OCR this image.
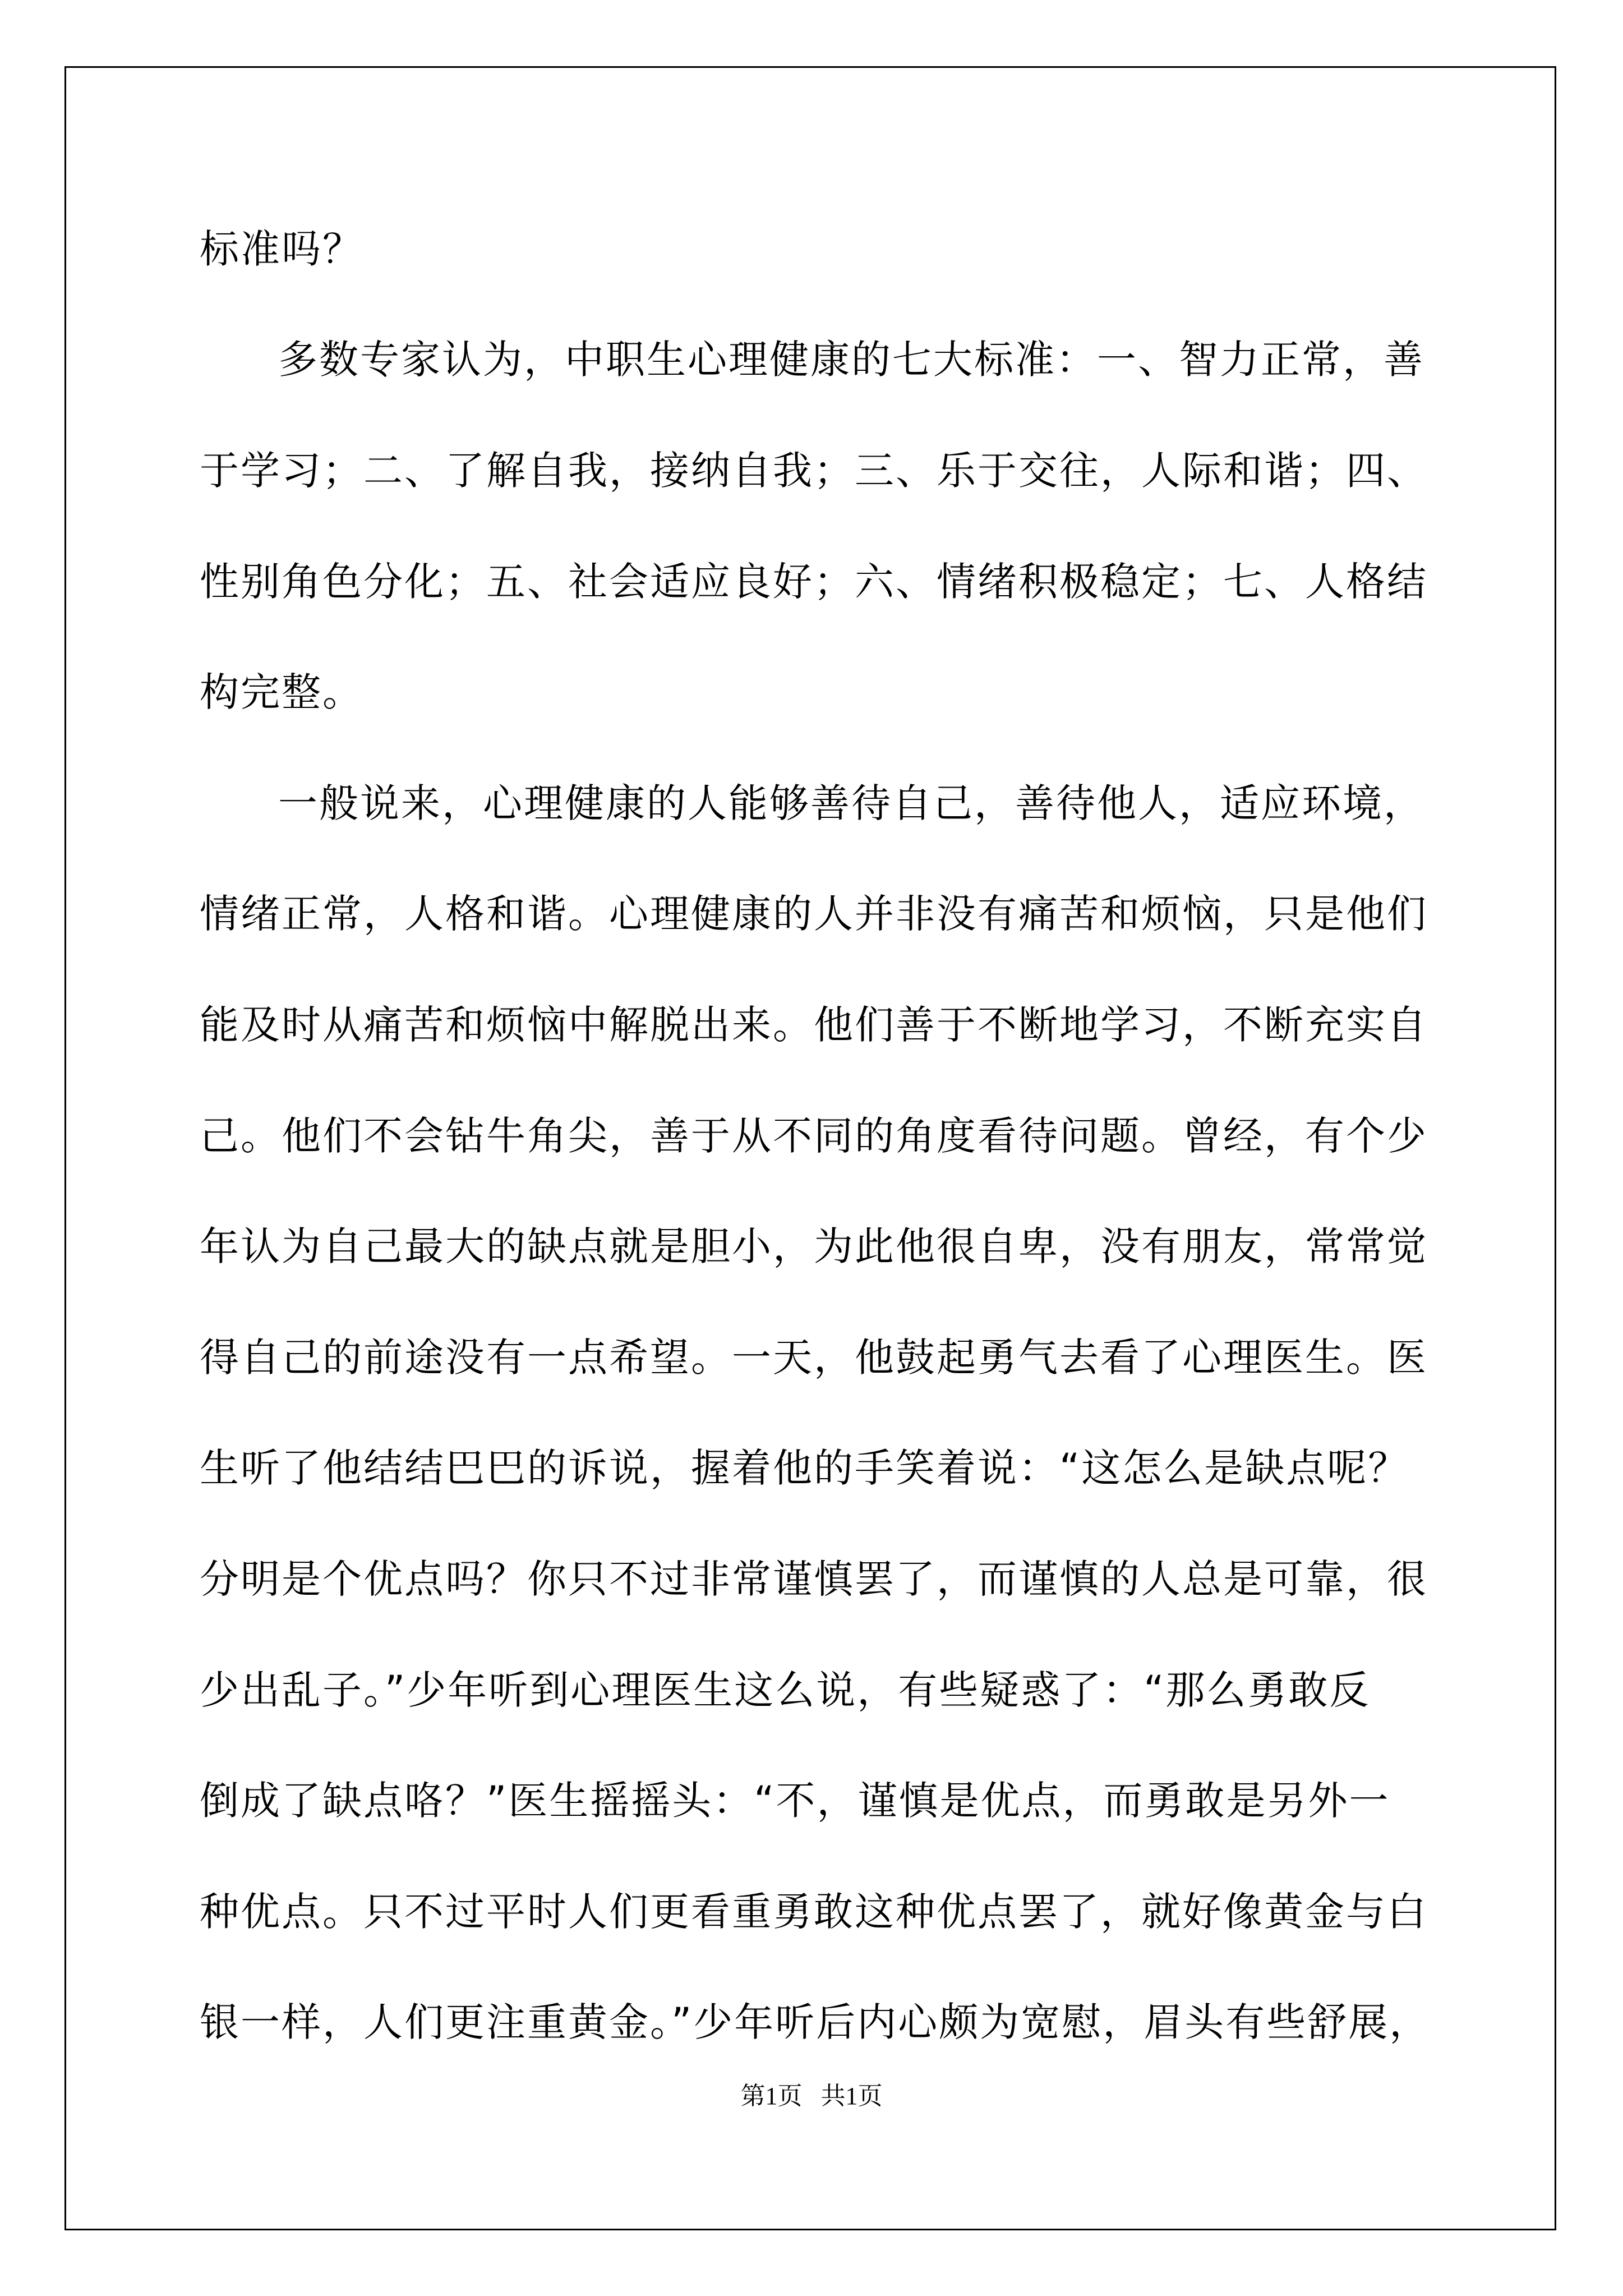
标准吗？
多数专家认为，中职生心理健康的七大标准：一、智力正常，善
于学习；二、了解自我，接纳自我；三、乐于交往，人际和谐；四、
性别角色分化；五、社会适应良好；六、情绪积极稳定；七、人格结
构完整。
一般说来，心理健康的人能够善待自己，善待他人，适应环境，
情绪正常，人格和谐。心理健康的人并非没有痛苦和烦恼，只是他们
能及时从痛苦和烦恼中解脱出来。他们善于不断地学习，不断充实自
己。他们不会钻牛角尖，善于从不同的角度看待问题。曾经，有个少
年认为自己最大的缺点就是胆小，为此他很自卑，没有朋友，常常觉
得自己的前途没有一点希望。一天，他鼓起勇气去看了心理医生。医
生听了他结结巴巴的诉说，握着他的手笑着说：“这怎么是缺点呢？
分明是个优点吗？你只不过非常谨慎罢了，而谨慎的人总是可靠，很
少出乱子。”少年听到心理医生这么说，有些疑惑了：“那么勇敢反
倒成了缺点咯？”医生摇摇头：“不，谨慎是优点，而勇敢是另外一
种优点。只不过平时人们更看重勇敢这种优点罢了，就好像黄金与白
银一样，人们更注重黄金。”少年听后内心颇为宽慰，眉头有些舒展，
第1页   共1页
